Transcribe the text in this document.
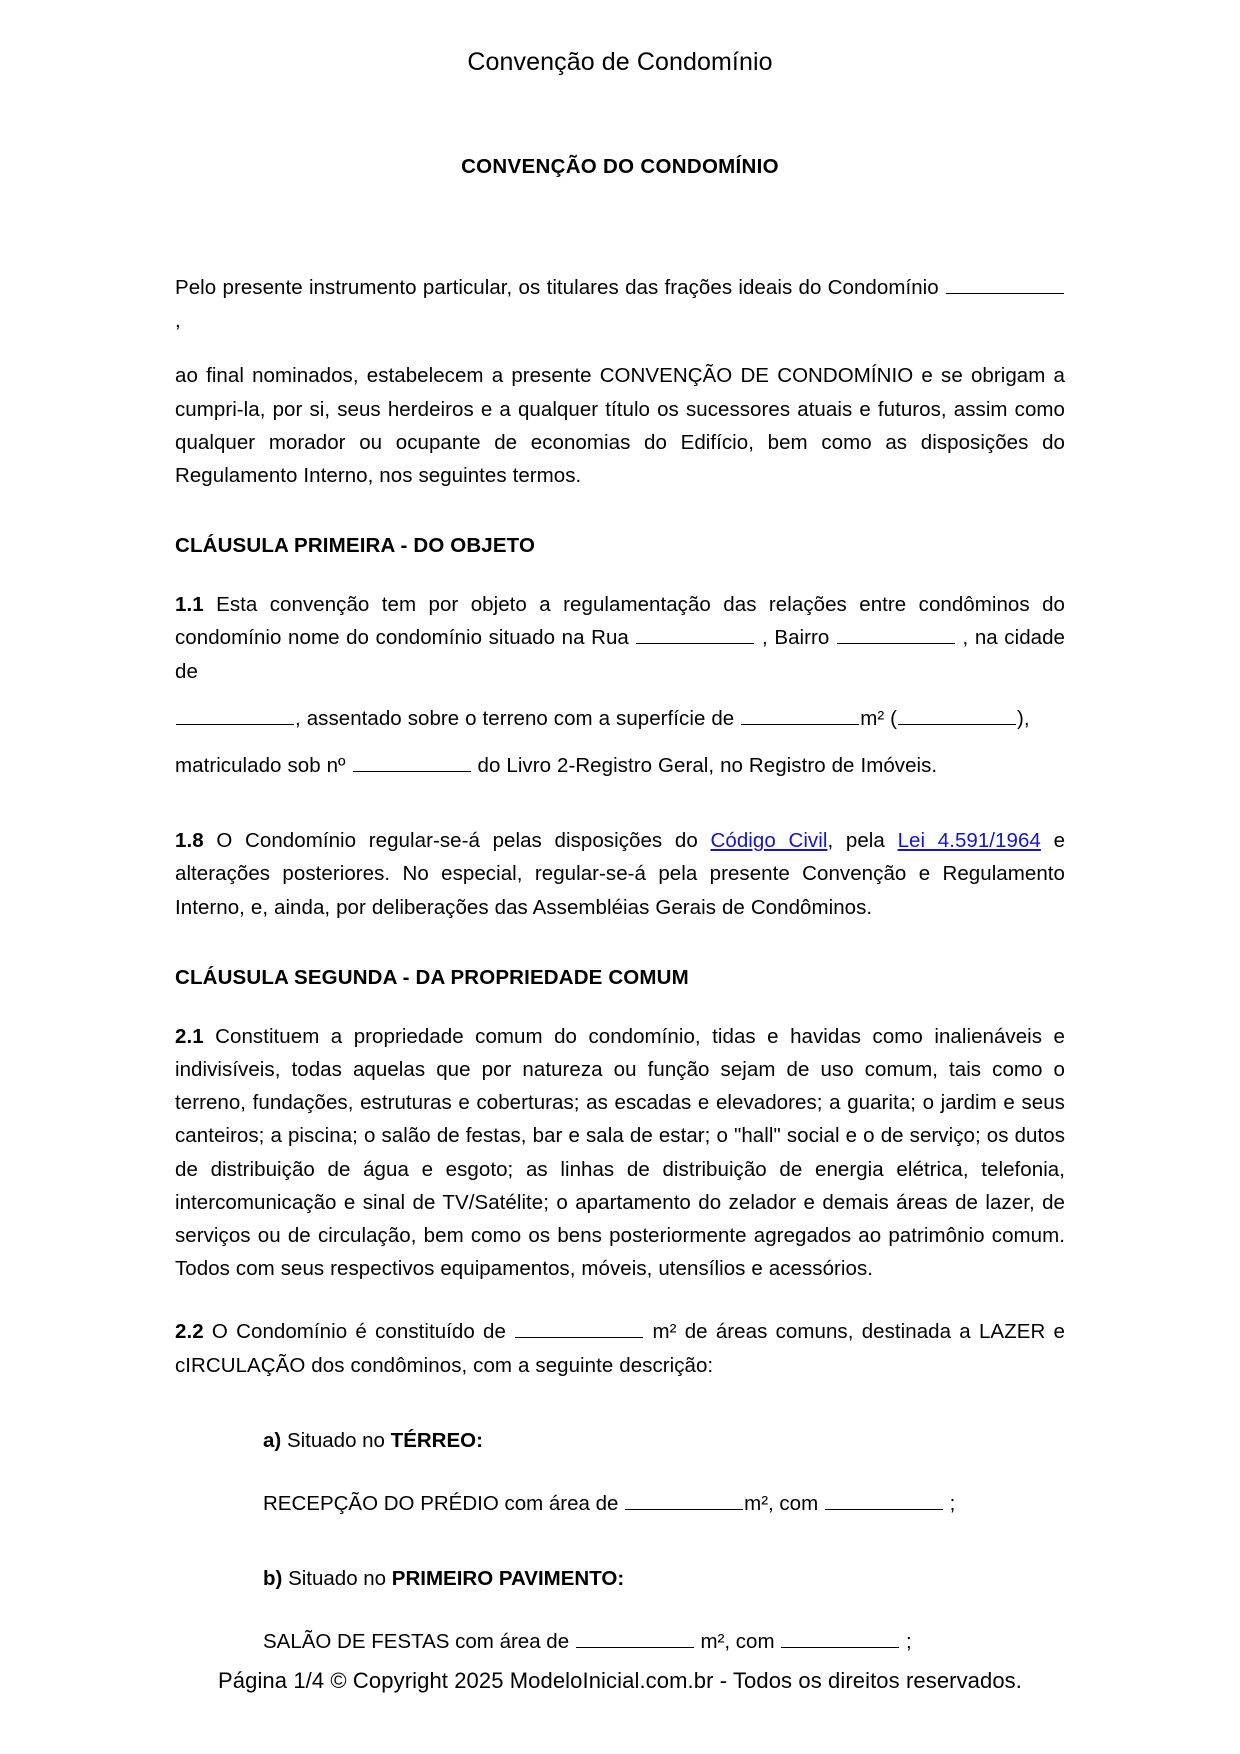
Convenção de Condomínio
CONVENÇÃO DO CONDOMÍNIO

Pelo presente instrumento particular, os titulares das frações ideais do Condomínio ,

ao final nominados, estabelecem a presente CONVENÇÃO DE CONDOMÍNIO e se obrigam a cumpri-la, por si, seus herdeiros e a qualquer título os sucessores atuais e futuros, assim como qualquer morador ou ocupante de economias do Edifício, bem como as disposições do Regulamento Interno, nos seguintes termos.

CLÁUSULA PRIMEIRA - DO OBJETO

1.1 Esta convenção tem por objeto a regulamentação das relações entre condôminos do condomínio nome do condomínio situado na Rua	, Bairro	, na cidade de

, assentado sobre o terreno com a superfície de	m² (	),

matriculado sob nº	do Livro 2-Registro Geral, no Registro de Imóveis.

1.8 O Condomínio regular-se-á pelas disposições do Código Civil, pela Lei 4.591/1964 e alterações posteriores. No especial, regular-se-á pela presente Convenção e Regulamento Interno, e, ainda, por deliberações das Assembléias Gerais de Condôminos.

CLÁUSULA SEGUNDA - DA PROPRIEDADE COMUM

2.1 Constituem a propriedade comum do condomínio, tidas e havidas como inalienáveis e indivisíveis, todas aquelas que por natureza ou função sejam de uso comum, tais como o terreno, fundações, estruturas e coberturas; as escadas e elevadores; a guarita; o jardim e seus canteiros; a piscina; o salão de festas, bar e sala de estar; o "hall" social e o de serviço; os dutos de distribuição de água e esgoto; as linhas de distribuição de energia elétrica, telefonia, intercomunicação e sinal de TV/Satélite; o apartamento do zelador e demais áreas de lazer, de serviços ou de circulação, bem como os bens posteriormente agregados ao patrimônio comum. Todos com seus respectivos equipamentos, móveis, utensílios e acessórios.

2.2 O Condomínio é constituído de	m² de áreas comuns, destinada a LAZER e cIRCULAÇÃO dos condôminos, com a seguinte descrição:

a) Situado no TÉRREO:

RECEPÇÃO DO PRÉDIO com área de	m², com	;

b) Situado no PRIMEIRO PAVIMENTO:

SALÃO DE FESTAS com área de	m², com	;

Página 1/4 © Copyright 2025 ModeloInicial.com.br - Todos os direitos reservados.
